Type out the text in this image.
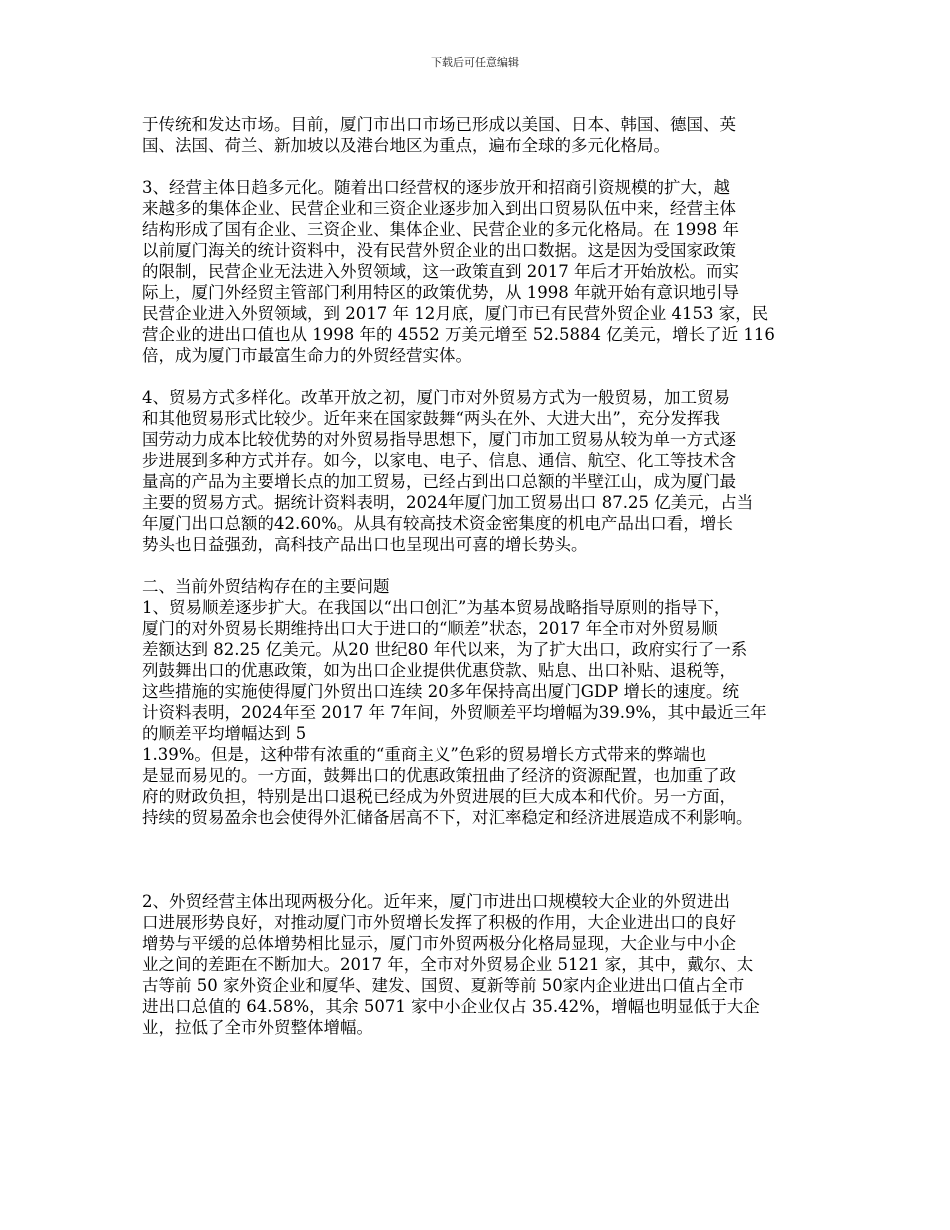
下载后可任意编辑
于传统和发达市场。目前，厦门市出口市场已形成以美国、日本、韩国、德国、英
国、法国、荷兰、新加坡以及港台地区为重点，遍布全球的多元化格局。
3、经营主体日趋多元化。随着出口经营权的逐步放开和招商引资规模的扩大，越
来越多的集体企业、民营企业和三资企业逐步加入到出口贸易队伍中来，经营主体
结构形成了国有企业、三资企业、集体企业、民营企业的多元化格局。在 1998 年
以前厦门海关的统计资料中，没有民营外贸企业的出口数据。这是因为受国家政策
的限制，民营企业无法进入外贸领域，这一政策直到 2017 年后才开始放松。而实
际上，厦门外经贸主管部门利用特区的政策优势，从 1998 年就开始有意识地引导
民营企业进入外贸领域，到 2017 年 12月底，厦门市已有民营外贸企业 4153 家，民
营企业的进出口值也从 1998 年的 4552 万美元增至 52.5884 亿美元，增长了近 116
倍，成为厦门市最富生命力的外贸经营实体。
4、贸易方式多样化。改革开放之初，厦门市对外贸易方式为一般贸易，加工贸易
和其他贸易形式比较少。近年来在国家鼓舞“两头在外、大进大出”，充分发挥我
国劳动力成本比较优势的对外贸易指导思想下，厦门市加工贸易从较为单一方式逐
步进展到多种方式并存。如今，以家电、电子、信息、通信、航空、化工等技术含
量高的产品为主要增长点的加工贸易，已经占到出口总额的半壁江山，成为厦门最
主要的贸易方式。据统计资料表明，2024年厦门加工贸易出口 87.25 亿美元，占当
年厦门出口总额的42.60%。从具有较高技术资金密集度的机电产品出口看，增长
势头也日益强劲，高科技产品出口也呈现出可喜的增长势头。
二、当前外贸结构存在的主要问题
1、贸易顺差逐步扩大。在我国以“出口创汇”为基本贸易战略指导原则的指导下，
厦门的对外贸易长期维持出口大于进口的“顺差”状态，2017 年全市对外贸易顺
差额达到 82.25 亿美元。从20 世纪80 年代以来，为了扩大出口，政府实行了一系
列鼓舞出口的优惠政策，如为出口企业提供优惠贷款、贴息、出口补贴、退税等，
这些措施的实施使得厦门外贸出口连续 20多年保持高出厦门GDP 增长的速度。统
计资料表明，2024年至 2017 年 7年间，外贸顺差平均增幅为39.9%，其中最近三年
的顺差平均增幅达到 5
1.39%。但是，这种带有浓重的“重商主义”色彩的贸易增长方式带来的弊端也
是显而易见的。一方面，鼓舞出口的优惠政策扭曲了经济的资源配置，也加重了政
府的财政负担，特别是出口退税已经成为外贸进展的巨大成本和代价。另一方面，
持续的贸易盈余也会使得外汇储备居高不下，对汇率稳定和经济进展造成不利影响。
2、外贸经营主体出现两极分化。近年来，厦门市进出口规模较大企业的外贸进出
口进展形势良好，对推动厦门市外贸增长发挥了积极的作用，大企业进出口的良好
增势与平缓的总体增势相比显示，厦门市外贸两极分化格局显现，大企业与中小企
业之间的差距在不断加大。2017 年，全市对外贸易企业 5121 家，其中，戴尔、太
古等前 50 家外资企业和厦华、建发、国贸、夏新等前 50家内企业进出口值占全市
进出口总值的 64.58%，其余 5071 家中小企业仅占 35.42%，增幅也明显低于大企
业，拉低了全市外贸整体增幅。
